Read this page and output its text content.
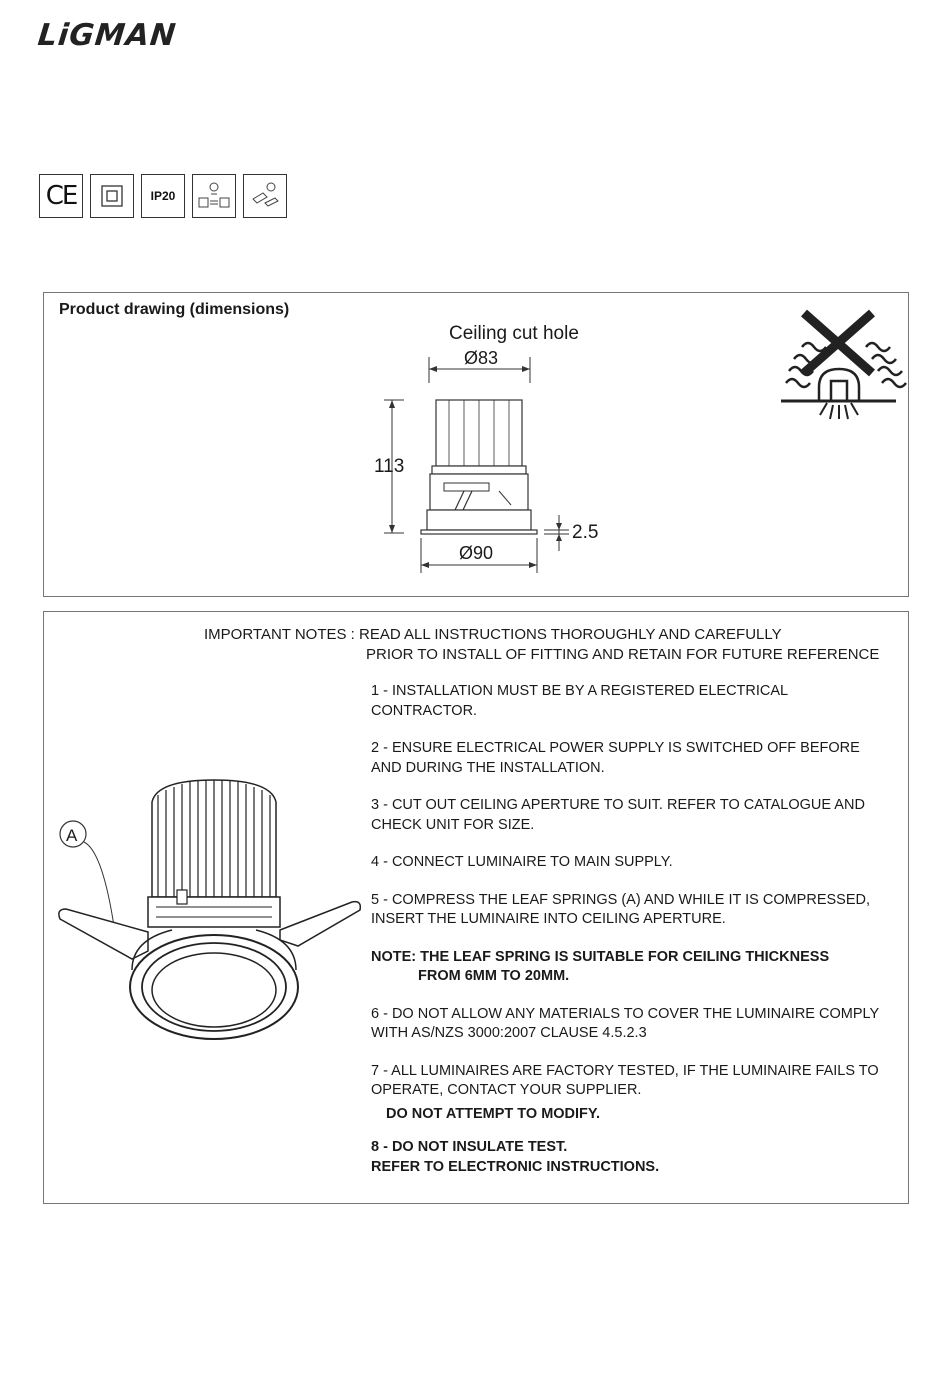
LiGMAN
CE	IP20
Product drawing (dimensions)
Ceiling cut hole
Ø83
113
2.5
Ø90
IMPORTANT NOTES : READ ALL INSTRUCTIONS THOROUGHLY AND CAREFULLY
PRIOR TO INSTALL OF FITTING AND RETAIN FOR FUTURE REFERENCE
A
1 - INSTALLATION MUST BE BY A REGISTERED ELECTRICAL CONTRACTOR.
2 - ENSURE ELECTRICAL POWER SUPPLY IS SWITCHED OFF BEFORE AND DURING THE INSTALLATION.
3 - CUT OUT CEILING APERTURE TO SUIT. REFER TO CATALOGUE AND CHECK UNIT FOR SIZE.
4 - CONNECT LUMINAIRE TO MAIN SUPPLY.
5 - COMPRESS THE LEAF SPRINGS (A) AND WHILE IT IS COMPRESSED, INSERT THE LUMINAIRE INTO CEILING APERTURE.
NOTE: THE LEAF SPRING IS SUITABLE FOR CEILING THICKNESS
FROM 6MM TO 20MM.
6 - DO NOT ALLOW ANY MATERIALS TO COVER THE LUMINAIRE COMPLY WITH AS/NZS 3000:2007 CLAUSE 4.5.2.3
7 - ALL LUMINAIRES ARE FACTORY TESTED, IF THE LUMINAIRE FAILS TO OPERATE, CONTACT YOUR SUPPLIER.
DO NOT ATTEMPT TO MODIFY.
8 - DO NOT INSULATE TEST.
REFER TO ELECTRONIC INSTRUCTIONS.
